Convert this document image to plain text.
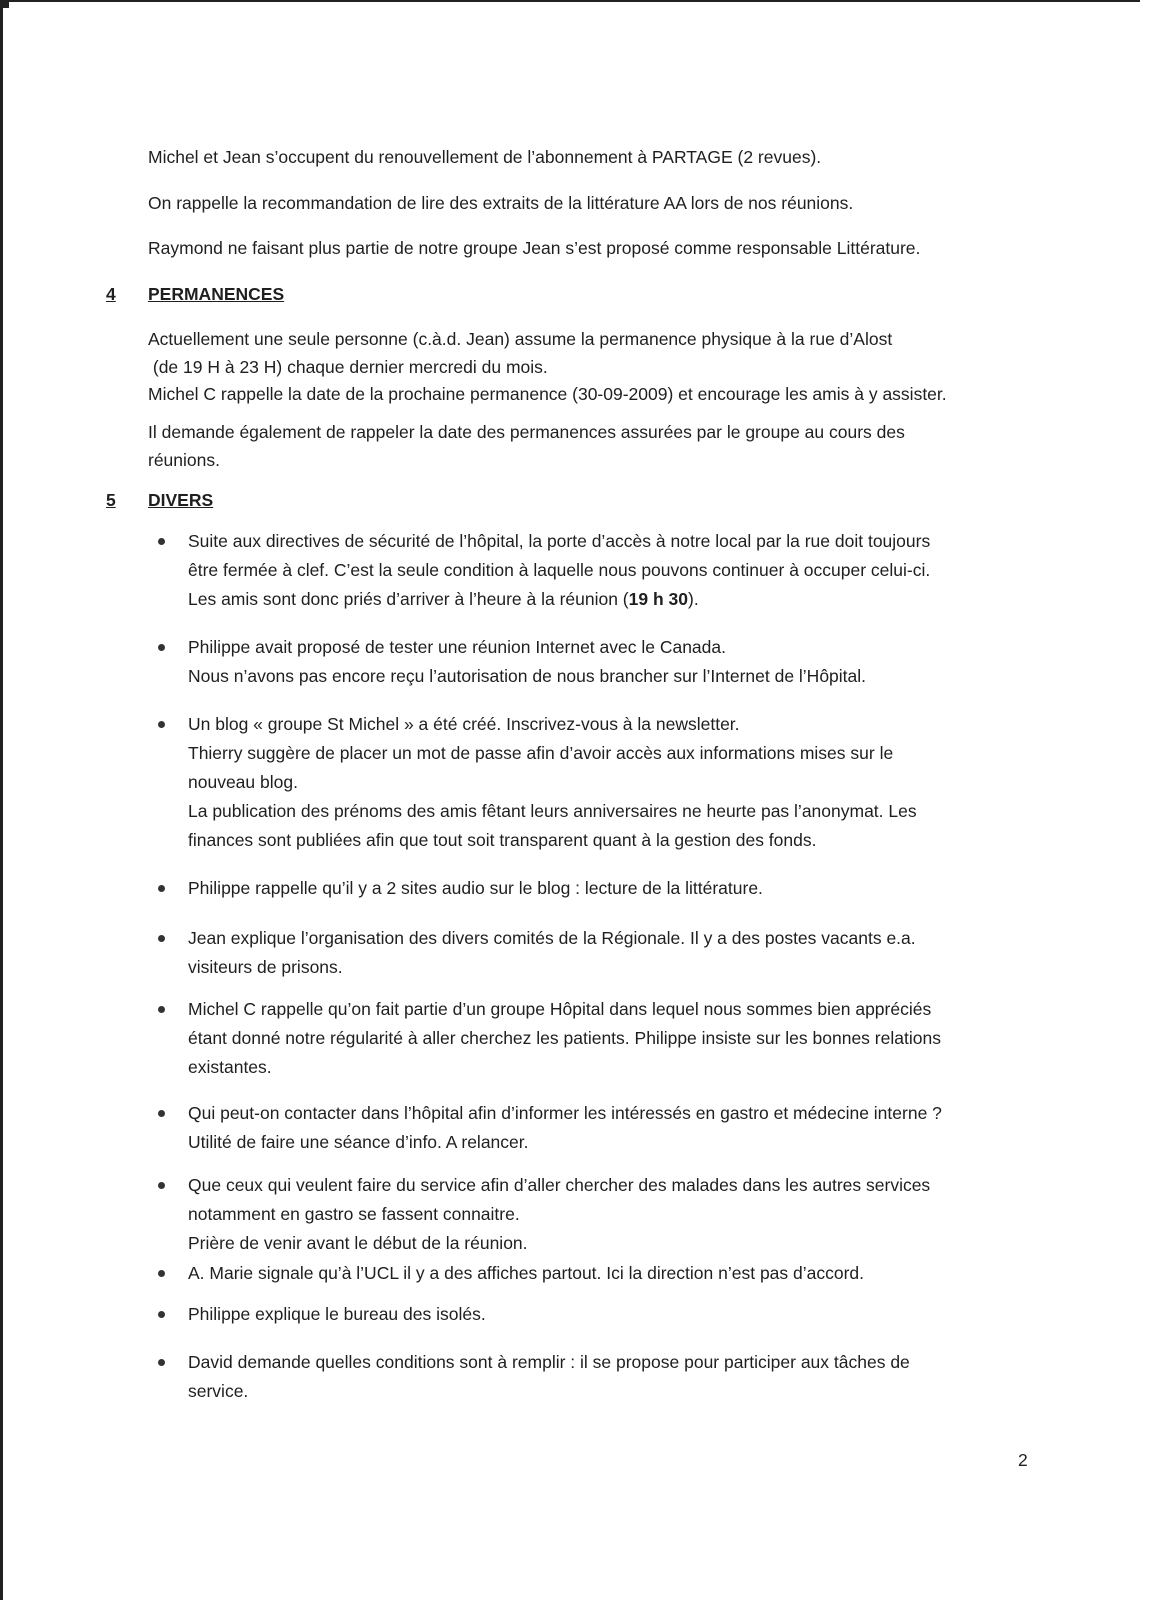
Michel et Jean s’occupent du renouvellement de l’abonnement à PARTAGE (2 revues).

On rappelle la recommandation de lire des extraits de la littérature AA lors de nos réunions.

Raymond ne faisant plus partie de notre groupe Jean s’est proposé comme responsable Littérature.

4 PERMANENCES
Actuellement une seule personne (c.à.d. Jean) assume la permanence physique à la rue d’Alost
(de 19 H à 23 H) chaque dernier mercredi du mois.
Michel C rappelle la date de la prochaine permanence (30-09-2009) et encourage les amis à y assister.
Il demande également de rappeler la date des permanences assurées par le groupe au cours des
réunions.
5 DIVERS
Suite aux directives de sécurité de l’hôpital, la porte d’accès à notre local par la rue doit toujours
être fermée à clef. C’est la seule condition à laquelle nous pouvons continuer à occuper celui-ci.
Les amis sont donc priés d’arriver à l’heure à la réunion (19 h 30).
Philippe avait proposé de tester une réunion Internet avec le Canada.
Nous n’avons pas encore reçu l’autorisation de nous brancher sur l’Internet de l’Hôpital.
Un blog « groupe St Michel » a été créé. Inscrivez-vous à la newsletter.
Thierry suggère de placer un mot de passe afin d’avoir accès aux informations mises sur le
nouveau blog.
La publication des prénoms des amis fêtant leurs anniversaires ne heurte pas l’anonymat. Les
finances sont publiées afin que tout soit transparent quant à la gestion des fonds.
Philippe rappelle qu’il y a 2 sites audio sur le blog : lecture de la littérature.
Jean explique l’organisation des divers comités de la Régionale. Il y a des postes vacants e.a.
visiteurs de prisons.
Michel C rappelle qu’on fait partie d’un groupe Hôpital dans lequel nous sommes bien appréciés
étant donné notre régularité à aller cherchez les patients. Philippe insiste sur les bonnes relations
existantes.
Qui peut-on contacter dans l’hôpital afin d’informer les intéressés en gastro et médecine interne ?
Utilité de faire une séance d’info. A relancer.
Que ceux qui veulent faire du service afin d’aller chercher des malades dans les autres services
notamment en gastro se fassent connaitre.
Prière de venir avant le début de la réunion.
A. Marie signale qu’à l’UCL il y a des affiches partout. Ici la direction n’est pas d’accord.
Philippe explique le bureau des isolés.
David demande quelles conditions sont à remplir : il se propose pour participer aux tâches de
service.
2
